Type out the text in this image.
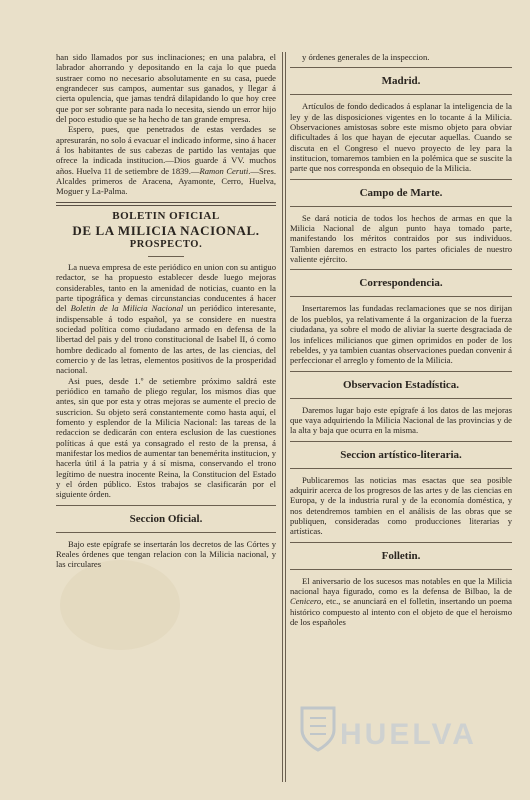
han sido llamados por sus inclinaciones; en una palabra, el labrador ahorrando y depositando en la caja lo que pueda sustraer como no necesario absolutamente en su casa, puede engrandecer sus campos, aumentar sus ganados, y llegar á cierta opulencia, que jamas tendrá dilapidando lo que hoy cree que por ser sobrante para nada lo necesita, siendo un error hijo del poco estudio que se ha hecho de tan grande empresa.

Espero, pues, que penetrados de estas verdades se apresurarán, no solo á evacuar el indicado informe, sino á hacer á los habitantes de sus cabezas de partido las ventajas que ofrece la indicada institucion.—Dios guarde á VV. muchos años. Huelva 11 de setiembre de 1839.—Ramon Ceruti.—Sres. Alcaldes primeros de Aracena, Ayamonte, Cerro, Huelva, Moguer y La-Palma.

BOLETIN OFICIAL
DE LA MILICIA NACIONAL.
PROSPECTO.

La nueva empresa de este periódico en union con su antiguo redactor, se ha propuesto establecer desde luego mejoras considerables, tanto en la amenidad de noticias, cuanto en la parte tipográfica y demas circunstancias conducentes á hacer del Boletin de la Milicia Nacional un periódico interesante, indispensable á todo español, ya se considere en nuestra sociedad política como ciudadano armado en defensa de la libertad del pais y del trono constitucional de Isabel II, ó como hombre dedicado al fomento de las artes, de las ciencias, del comercio y de las letras, elementos positivos de la prosperidad nacional.

Asi pues, desde 1.º de setiembre próximo saldrá este periódico en tamaño de pliego regular, los mismos dias que antes, sin que por esta y otras mejoras se aumente el precio de suscricion. Su objeto será constantemente como hasta aquí, el fomento y esplendor de la Milicia Nacional: las tareas de la redaccion se dedicarán con entera esclusion de las cuestiones políticas á que está ya consagrado el resto de la prensa, á manifestar los medios de aumentar tan benemérita institucion, y hacerla útil á la patria y á sí misma, conservando el trono legítimo de nuestra inocente Reina, la Constitucion del Estado y el órden público. Estos trabajos se clasificarán por el siguiente órden.

Seccion Oficial.

Bajo este epígrafe se insertarán los decretos de las Córtes y Reales órdenes que tengan relacion con la Milicia nacional, y las circulares

y órdenes generales de la inspeccion.

Madrid.

Artículos de fondo dedicados á esplanar la inteligencia de la ley y de las disposiciones vigentes en lo tocante á la Milicia. Observaciones amistosas sobre este mismo objeto para obviar dificultades á los que hayan de ejecutar aquellas. Cuando se discuta en el Congreso el nuevo proyecto de ley para la institucion, tomaremos tambien en la polémica que se suscite la parte que nos corresponda en obsequio de la Milicia.

Campo de Marte.

Se dará noticia de todos los hechos de armas en que la Milicia Nacional de algun punto haya tomado parte, manifestando los méritos contraidos por sus individuos. Tambien daremos en estracto los partes oficiales de nuestro valiente ejército.

Correspondencia.

Insertaremos las fundadas reclamaciones que se nos dirijan de los pueblos, ya relativamente á la organizacion de la fuerza ciudadana, ya sobre el modo de aliviar la suerte desgraciada de los infelices milicianos que gimen oprimidos en poder de los rebeldes, y ya tambien cuantas observaciones puedan convenir á perfeccionar el arreglo y fomento de la Milicia.

Observacion Estadística.

Daremos lugar bajo este epígrafe á los datos de las mejoras que vaya adquiriendo la Milicia Nacional de las provincias y de la alta y baja que ocurra en la misma.

Seccion artístico-literaria.

Publicaremos las noticias mas esactas que sea posible adquirir acerca de los progresos de las artes y de las ciencias en Europa, y de la industria rural y de la economía doméstica, y nos detendremos tambien en el análisis de las obras que se publiquen, consideradas como producciones literarias y artísticas.

Folletin.

El aniversario de los sucesos mas notables en que la Milicia nacional haya figurado, como es la defensa de Bilbao, la de Cenicero, etc., se anunciará en el folletin, insertando un poema histórico compuesto al intento con el objeto de que el heroismo de los españoles

HUELVA
